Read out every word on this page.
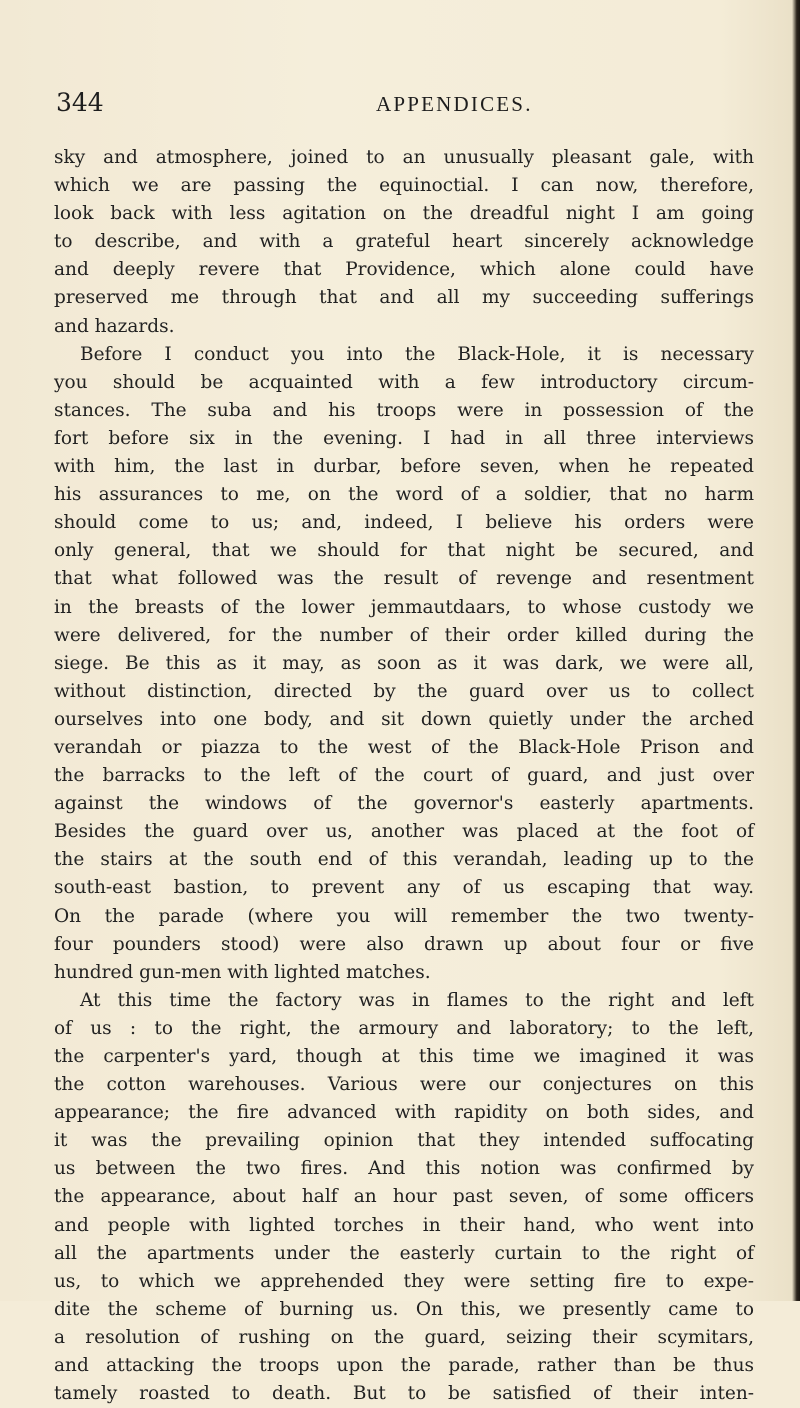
344	APPENDICES.
sky and atmosphere, joined to an unusually pleasant gale, with
which we are passing the equinoctial. I can now, therefore,
look back with less agitation on the dreadful night I am going
to describe, and with a grateful heart sincerely acknowledge
and deeply revere that Providence, which alone could have
preserved me through that and all my succeeding sufferings
and hazards.
Before I conduct you into the Black-Hole, it is necessary
you should be acquainted with a few introductory circum-
stances. The suba and his troops were in possession of the
fort before six in the evening. I had in all three interviews
with him, the last in durbar, before seven, when he repeated
his assurances to me, on the word of a soldier, that no harm
should come to us; and, indeed, I believe his orders were
only general, that we should for that night be secured, and
that what followed was the result of revenge and resentment
in the breasts of the lower jemmautdaars, to whose custody we
were delivered, for the number of their order killed during the
siege. Be this as it may, as soon as it was dark, we were all,
without distinction, directed by the guard over us to collect
ourselves into one body, and sit down quietly under the arched
verandah or piazza to the west of the Black-Hole Prison and
the barracks to the left of the court of guard, and just over
against the windows of the governor's easterly apartments.
Besides the guard over us, another was placed at the foot of
the stairs at the south end of this verandah, leading up to the
south-east bastion, to prevent any of us escaping that way.
On the parade (where you will remember the two twenty-
four pounders stood) were also drawn up about four or five
hundred gun-men with lighted matches.
At this time the factory was in flames to the right and left
of us : to the right, the armoury and laboratory; to the left,
the carpenter's yard, though at this time we imagined it was
the cotton warehouses. Various were our conjectures on this
appearance; the fire advanced with rapidity on both sides, and
it was the prevailing opinion that they intended suffocating
us between the two fires. And this notion was confirmed by
the appearance, about half an hour past seven, of some officers
and people with lighted torches in their hand, who went into
all the apartments under the easterly curtain to the right of
us, to which we apprehended they were setting fire to expe-
dite the scheme of burning us. On this, we presently came to
a resolution of rushing on the guard, seizing their scymitars,
and attacking the troops upon the parade, rather than be thus
tamely roasted to death. But to be satisfied of their inten-
